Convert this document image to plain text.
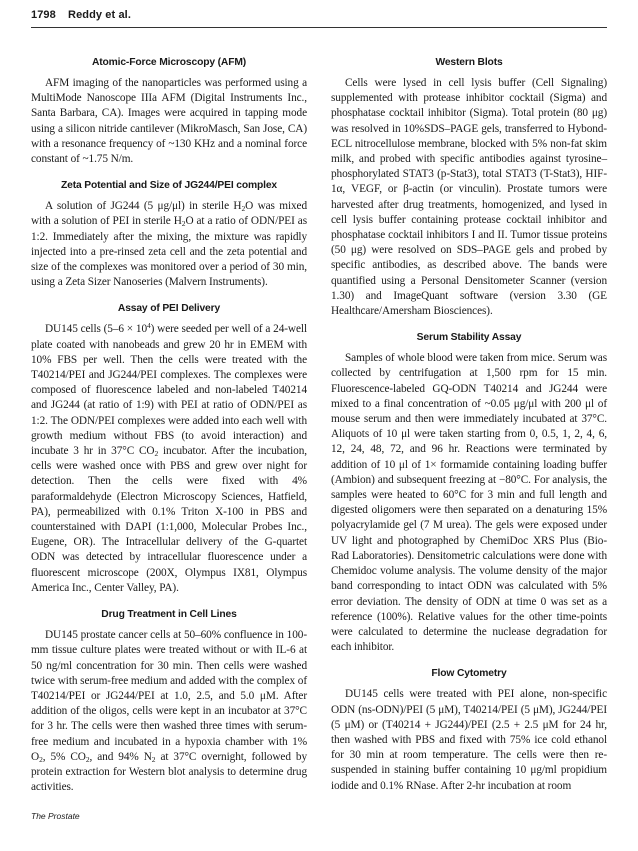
1798 Reddy et al.
Atomic-Force Microscopy (AFM)

AFM imaging of the nanoparticles was performed using a MultiMode Nanoscope IIIa AFM (Digital Instruments Inc., Santa Barbara, CA). Images were acquired in tapping mode using a silicon nitride cantilever (MikroMasch, San Jose, CA) with a resonance frequency of ~130 KHz and a nominal force constant of ~1.75 N/m.

Zeta Potential and Size of JG244/PEI complex

A solution of JG244 (5 μg/μl) in sterile $H_2O$ was mixed with a solution of PEI in sterile $H_2O$ at a ratio of ODN/PEI as 1:2. Immediately after the mixing, the mixture was rapidly injected into a pre-rinsed zeta cell and the zeta potential and size of the complexes was monitored over a period of 30 min, using a Zeta Sizer Nanoseries (Malvern Instruments).

Assay of PEI Delivery

DU145 cells $(5-6 \times 10^4)$ were seeded per well of a 24-well plate coated with nanobeads and grew 20 hr in EMEM with 10% FBS per well. Then the cells were treated with the T40214/PEI and JG244/PEI complexes. The complexes were composed of fluorescence labeled and non-labeled T40214 and JG244 (at ratio of 1:9) with PEI at ratio of ODN/PEI as 1:2. The ODN/PEI complexes were added into each well with growth medium without FBS (to avoid interaction) and incubate 3 hr in 37°C $CO_2$ incubator. After the incubation, cells were washed once with PBS and grew over night for detection. Then the cells were fixed with 4% paraformaldehyde (Electron Microscopy Sciences, Hatfield, PA), permeabilized with 0.1% Triton X-100 in PBS and counterstained with DAPI (1:1,000, Molecular Probes Inc., Eugene, OR). The Intracellular delivery of the G-quartet ODN was detected by intracellular fluorescence under a fluorescent microscope (200X, Olympus IX81, Olympus America Inc., Center Valley, PA).

Drug Treatment in Cell Lines

DU145 prostate cancer cells at 50–60% confluence in 100-mm tissue culture plates were treated without or with IL-6 at 50 ng/ml concentration for 30 min. Then cells were washed twice with serum-free medium and added with the complex of T40214/PEI or JG244/PEI at 1.0, 2.5, and 5.0 μM. After addition of the oligos, cells were kept in an incubator at 37°C for 3 hr. The cells were then washed three times with serum-free medium and incubated in a hypoxia chamber with 1% $O_2$, 5% $CO_2$, and 94% $N_2$ at 37°C overnight, followed by protein extraction for Western blot analysis to determine drug activities.

Western Blots

Cells were lysed in cell lysis buffer (Cell Signaling) supplemented with protease inhibitor cocktail (Sigma) and phosphatase cocktail inhibitor (Sigma). Total protein (80 μg) was resolved in 10%SDS–PAGE gels, transferred to Hybond-ECL nitrocellulose membrane, blocked with 5% non-fat skim milk, and probed with specific antibodies against tyrosine–phosphorylated STAT3 (p-Stat3), total STAT3 (T-Stat3), HIF-1α, VEGF, or β-actin (or vinculin). Prostate tumors were harvested after drug treatments, homogenized, and lysed in cell lysis buffer containing protease cocktail inhibitor and phosphatase cocktail inhibitors I and II. Tumor tissue proteins (50 μg) were resolved on SDS–PAGE gels and probed by specific antibodies, as described above. The bands were quantified using a Personal Densitometer Scanner (version 1.30) and ImageQuant software (version 3.30 (GE Healthcare/Amersham Biosciences).

Serum Stability Assay

Samples of whole blood were taken from mice. Serum was collected by centrifugation at 1,500 rpm for 15 min. Fluorescence-labeled GQ-ODN T40214 and JG244 were mixed to a final concentration of ~0.05 μg/μl with 200 μl of mouse serum and then were immediately incubated at 37°C. Aliquots of 10 μl were taken starting from 0, 0.5, 1, 2, 4, 6, 12, 24, 48, 72, and 96 hr. Reactions were terminated by addition of 10 μl of 1× formamide containing loading buffer (Ambion) and subsequent freezing at −80°C. For analysis, the samples were heated to 60°C for 3 min and full length and digested oligomers were then separated on a denaturing 15% polyacrylamide gel (7 M urea). The gels were exposed under UV light and photographed by ChemiDoc XRS Plus (Bio-Rad Laboratories). Densitometric calculations were done with Chemidoc volume analysis. The volume density of the major band corresponding to intact ODN was calculated with 5% error deviation. The density of ODN at time 0 was set as a reference (100%). Relative values for the other time-points were calculated to determine the nuclease degradation for each inhibitor.

Flow Cytometry

DU145 cells were treated with PEI alone, non-specific ODN (ns-ODN)/PEI (5 μM), T40214/PEI (5 μM), JG244/PEI (5 μM) or (T40214 + JG244)/PEI (2.5 + 2.5 μM for 24 hr, then washed with PBS and fixed with 75% ice cold ethanol for 30 min at room temperature. The cells were then re-suspended in staining buffer containing 10 μg/ml propidium iodide and 0.1% RNase. After 2-hr incubation at room

The Prostate
